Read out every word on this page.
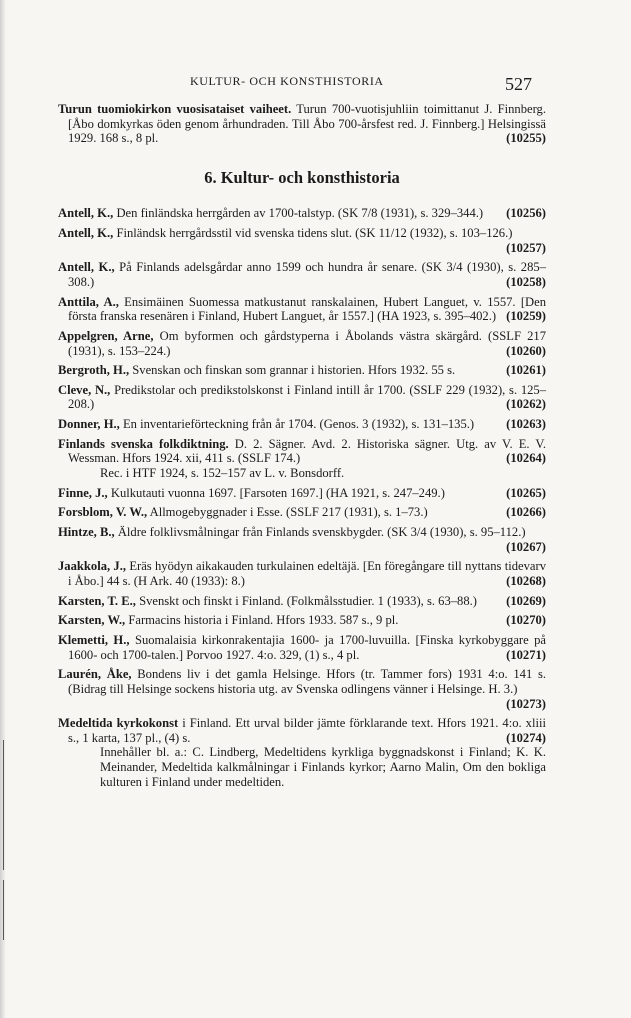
KULTUR- OCH KONSTHISTORIA	527

Turun tuomiokirkon vuosisataiset vaiheet. Turun 700-vuotisjuhliin toimittanut J. Finnberg. [Åbo domkyrkas öden genom århundraden. Till Åbo 700-årsfest red. J. Finnberg.] Helsingissä 1929. 168 s., 8 pl.	(10255)

6. Kultur- och konsthistoria

Antell, K., Den finländska herrgården av 1700-talstyp. (SK 7/8 (1931), s. 329–344.) (10256)

Antell, K., Finländsk herrgårdsstil vid svenska tidens slut. (SK 11/12 (1932), s. 103–126.)
(10257)

Antell, K., På Finlands adelsgårdar anno 1599 och hundra år senare. (SK 3/4 (1930), s. 285–308.)	(10258)

Anttila, A., Ensimäinen Suomessa matkustanut ranskalainen, Hubert Languet, v. 1557. [Den första franska resenären i Finland, Hubert Languet, år 1557.] (HA 1923, s. 395–402.) (10259)

Appelgren, Arne, Om byformen och gårdstyperna i Åbolands västra skärgård. (SSLF 217 (1931), s. 153–224.)	(10260)

Bergroth, H., Svenskan och finskan som grannar i historien. Hfors 1932. 55 s.	(10261)

Cleve, N., Predikstolar och predikstolskonst i Finland intill år 1700. (SSLF 229 (1932), s. 125–208.)	(10262)

Donner, H., En inventarieförteckning från år 1704. (Genos. 3 (1932), s. 131–135.)	(10263)

Finlands svenska folkdiktning. D. 2. Sägner. Avd. 2. Historiska sägner. Utg. av V. E. V. Wessman. Hfors 1924. xii, 411 s. (SSLF 174.)	(10264)
Rec. i HTF 1924, s. 152–157 av L. v. Bonsdorff.

Finne, J., Kulkutauti vuonna 1697. [Farsoten 1697.] (HA 1921, s. 247–249.)	(10265)

Forsblom, V. W., Allmogebyggnader i Esse. (SSLF 217 (1931), s. 1–73.)	(10266)

Hintze, B., Äldre folklivsmålningar från Finlands svenskbygder. (SK 3/4 (1930), s. 95–112.)
(10267)

Jaakkola, J., Eräs hyödyn aikakauden turkulainen edeltäjä. [En föregångare till nyttans tidevarv i Åbo.] 44 s. (H Ark. 40 (1933): 8.)	(10268)

Karsten, T. E., Svenskt och finskt i Finland. (Folkmålsstudier. 1 (1933), s. 63–88.) (10269)

Karsten, W., Farmacins historia i Finland. Hfors 1933. 587 s., 9 pl.	(10270)

Klemetti, H., Suomalaisia kirkonrakentajia 1600- ja 1700-luvuilla. [Finska kyrkobyggare på 1600- och 1700-talen.] Porvoo 1927. 4:o. 329, (1) s., 4 pl.	(10271)

Laurén, Åke, Bondens liv i det gamla Helsinge. Hfors (tr. Tammer fors) 1931 4:o. 141 s. (Bidrag till Helsinge sockens historia utg. av Svenska odlingens vänner i Helsinge. H. 3.)
(10273)

Medeltida kyrkokonst i Finland. Ett urval bilder jämte förklarande text. Hfors 1921. 4:o. xliii s., 1 karta, 137 pl., (4) s.	(10274)
Innehåller bl. a.: C. Lindberg, Medeltidens kyrkliga byggnadskonst i Finland; K. K. Meinander, Medeltida kalkmålningar i Finlands kyrkor; Aarno Malin, Om den bokliga kulturen i Finland under medeltiden.
